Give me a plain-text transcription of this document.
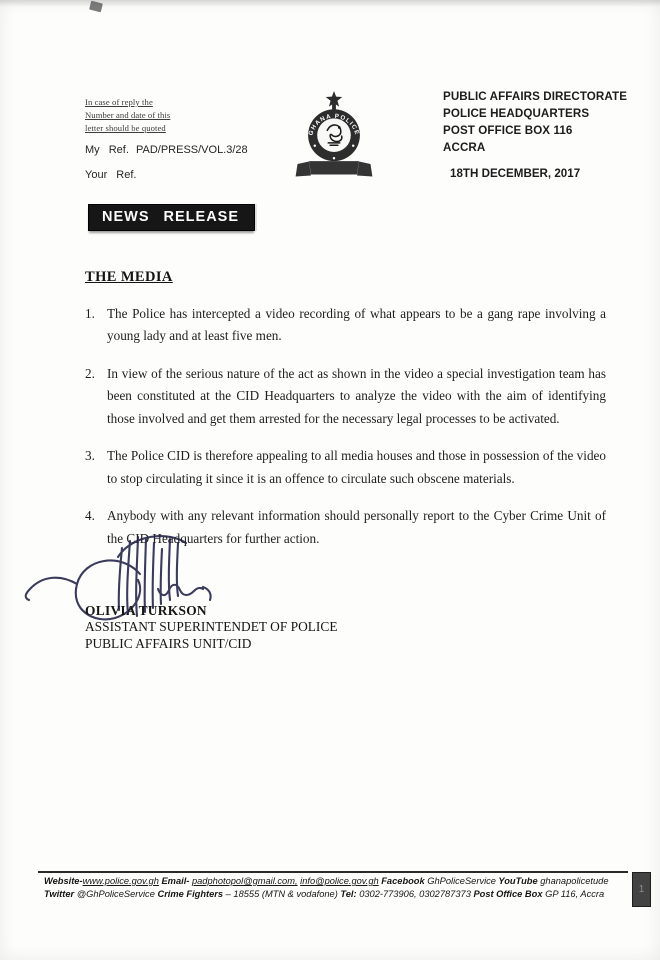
In case of reply the
Number and date of this
letter should be quoted
My Ref. PAD/PRESS/VOL.3/28
Your Ref.
GHANA POLICE
PUBLIC AFFAIRS DIRECTORATE
POLICE HEADQUARTERS
POST OFFICE BOX 116
ACCRA
18TH DECEMBER, 2017
NEWS RELEASE
THE MEDIA
1. The Police has intercepted a video recording of what appears to be a gang rape involving a young lady and at least five men.
2. In view of the serious nature of the act as shown in the video a special investigation team has been constituted at the CID Headquarters to analyze the video with the aim of identifying those involved and get them arrested for the necessary legal processes to be activated.
3. The Police CID is therefore appealing to all media houses and those in possession of the video to stop circulating it since it is an offence to circulate such obscene materials.
4. Anybody with any relevant information should personally report to the Cyber Crime Unit of the CID Headquarters for further action.
OLIVIA TURKSON
ASSISTANT SUPERINTENDET OF POLICE
PUBLIC AFFAIRS UNIT/CID
Website-www.police.gov.gh Email- padphotopol@gmail.com, info@police.gov.gh Facebook GhPoliceService YouTube ghanapolicetude
Twitter @GhPoliceService Crime Fighters – 18555 (MTN & vodafone) Tel: 0302-773906, 0302787373 Post Office Box GP 116, Accra	1
